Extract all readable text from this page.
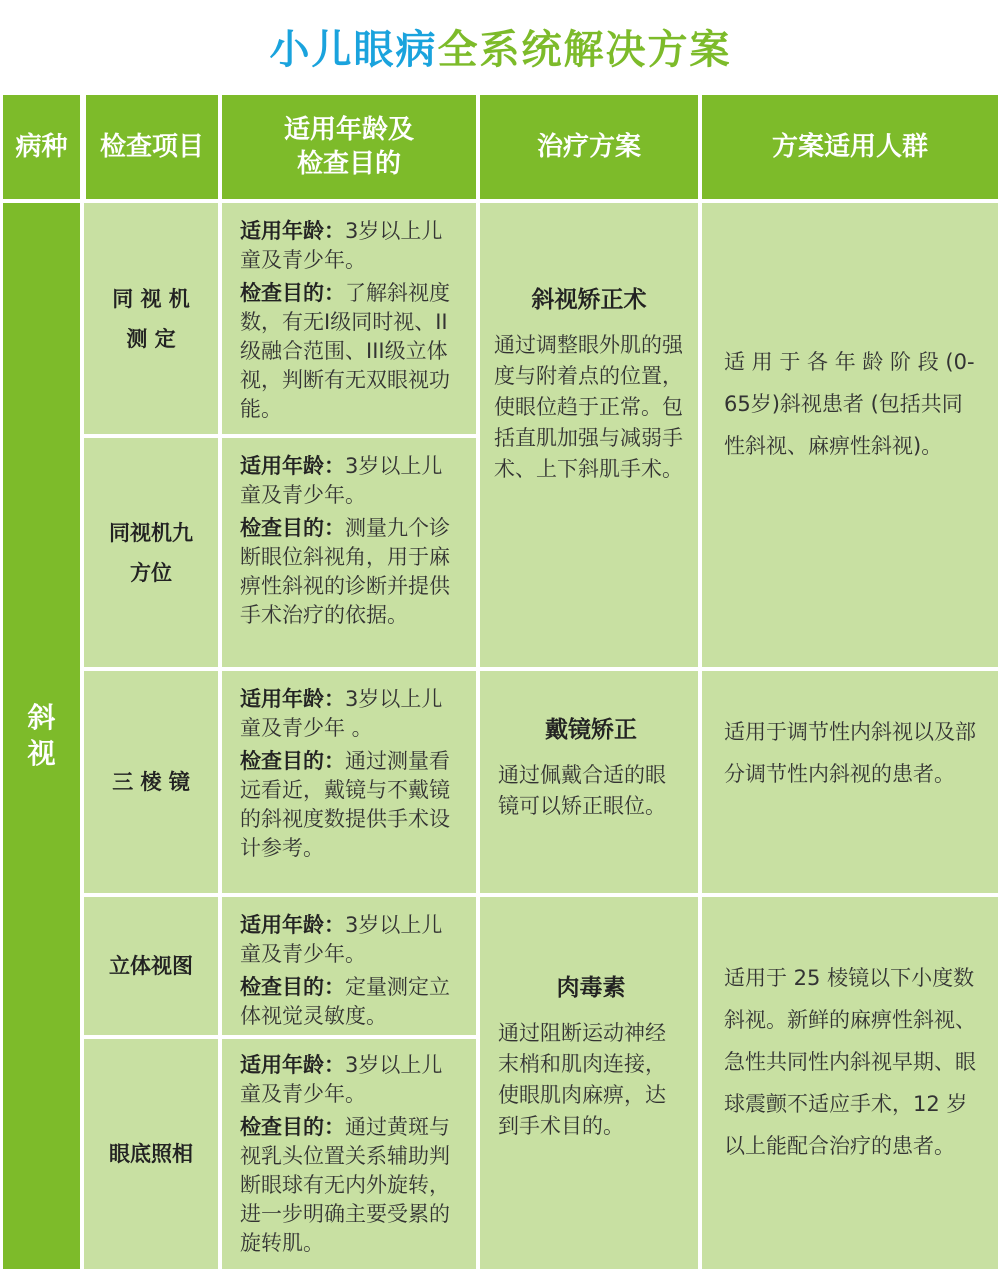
小儿眼病全系统解决方案
病种	检查项目
适用年龄及
检查目的
治疗方案	方案适用人群
斜
视
同 视 机
测 定
同视机九
方位
三 棱 镜
立体视图
眼底照相

适用年龄：3岁以上儿童及青少年。

检查目的：了解斜视度数，有无I级同时视、II级融合范围、III级立体视，判断有无双眼视功能。

适用年龄：3岁以上儿童及青少年。

检查目的：测量九个诊断眼位斜视角，用于麻痹性斜视的诊断并提供手术治疗的依据。

适用年龄：3岁以上儿童及青少年 。

检查目的：通过测量看远看近，戴镜与不戴镜的斜视度数提供手术设计参考。

适用年龄：3岁以上儿童及青少年。

检查目的：定量测定立体视觉灵敏度。

适用年龄：3岁以上儿童及青少年。

检查目的：通过黄斑与视乳头位置关系辅助判断眼球有无内外旋转，进一步明确主要受累的旋转肌。

斜视矫正术
通过调整眼外肌的强度与附着点的位置，使眼位趋于正常。包括直肌加强与减弱手术、上下斜肌手术。
戴镜矫正
通过佩戴合适的眼镜可以矫正眼位。
肉毒素
通过阻断运动神经末梢和肌肉连接，使眼肌肉麻痹，达到手术目的。
适 用 于 各 年 龄 阶 段 (0-65岁)斜视患者 (包括共同性斜视、麻痹性斜视)。
适用于调节性内斜视以及部分调节性内斜视的患者。
适用于 25 棱镜以下小度数斜视。新鲜的麻痹性斜视、急性共同性内斜视早期、眼球震颤不适应手术，12 岁以上能配合治疗的患者。
